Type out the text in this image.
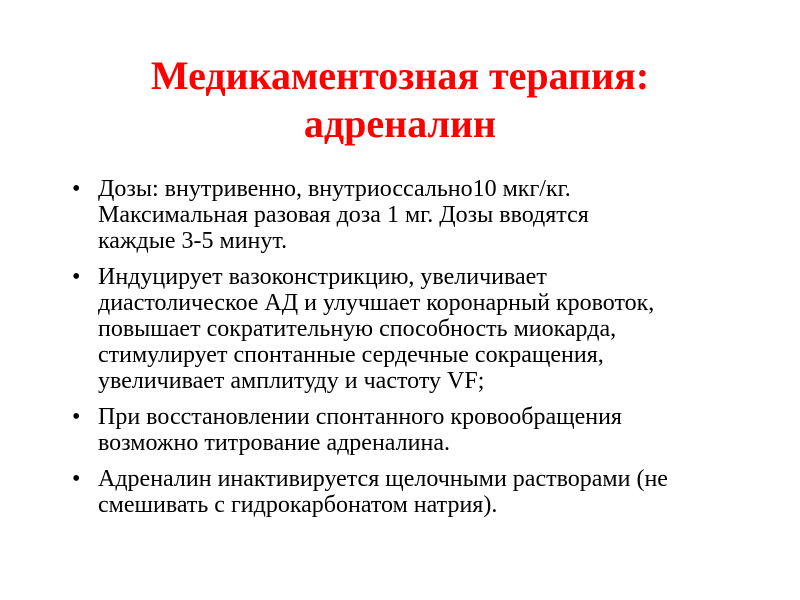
Медикаментозная терапия:
адреналин
• Дозы: внутривенно, внутриоссально10 мкг/кг.
Максимальная разовая доза 1 мг. Дозы вводятся
каждые 3-5 минут.
• Индуцирует вазоконстрикцию, увеличивает
диастолическое АД и улучшает коронарный кровоток,
повышает сократительную способность миокарда,
стимулирует спонтанные сердечные сокращения,
увеличивает амплитуду и частоту VF;
• При восстановлении спонтанного кровообращения
возможно титрование адреналина.
• Адреналин инактивируется щелочными растворами (не
смешивать с гидрокарбонатом натрия).
